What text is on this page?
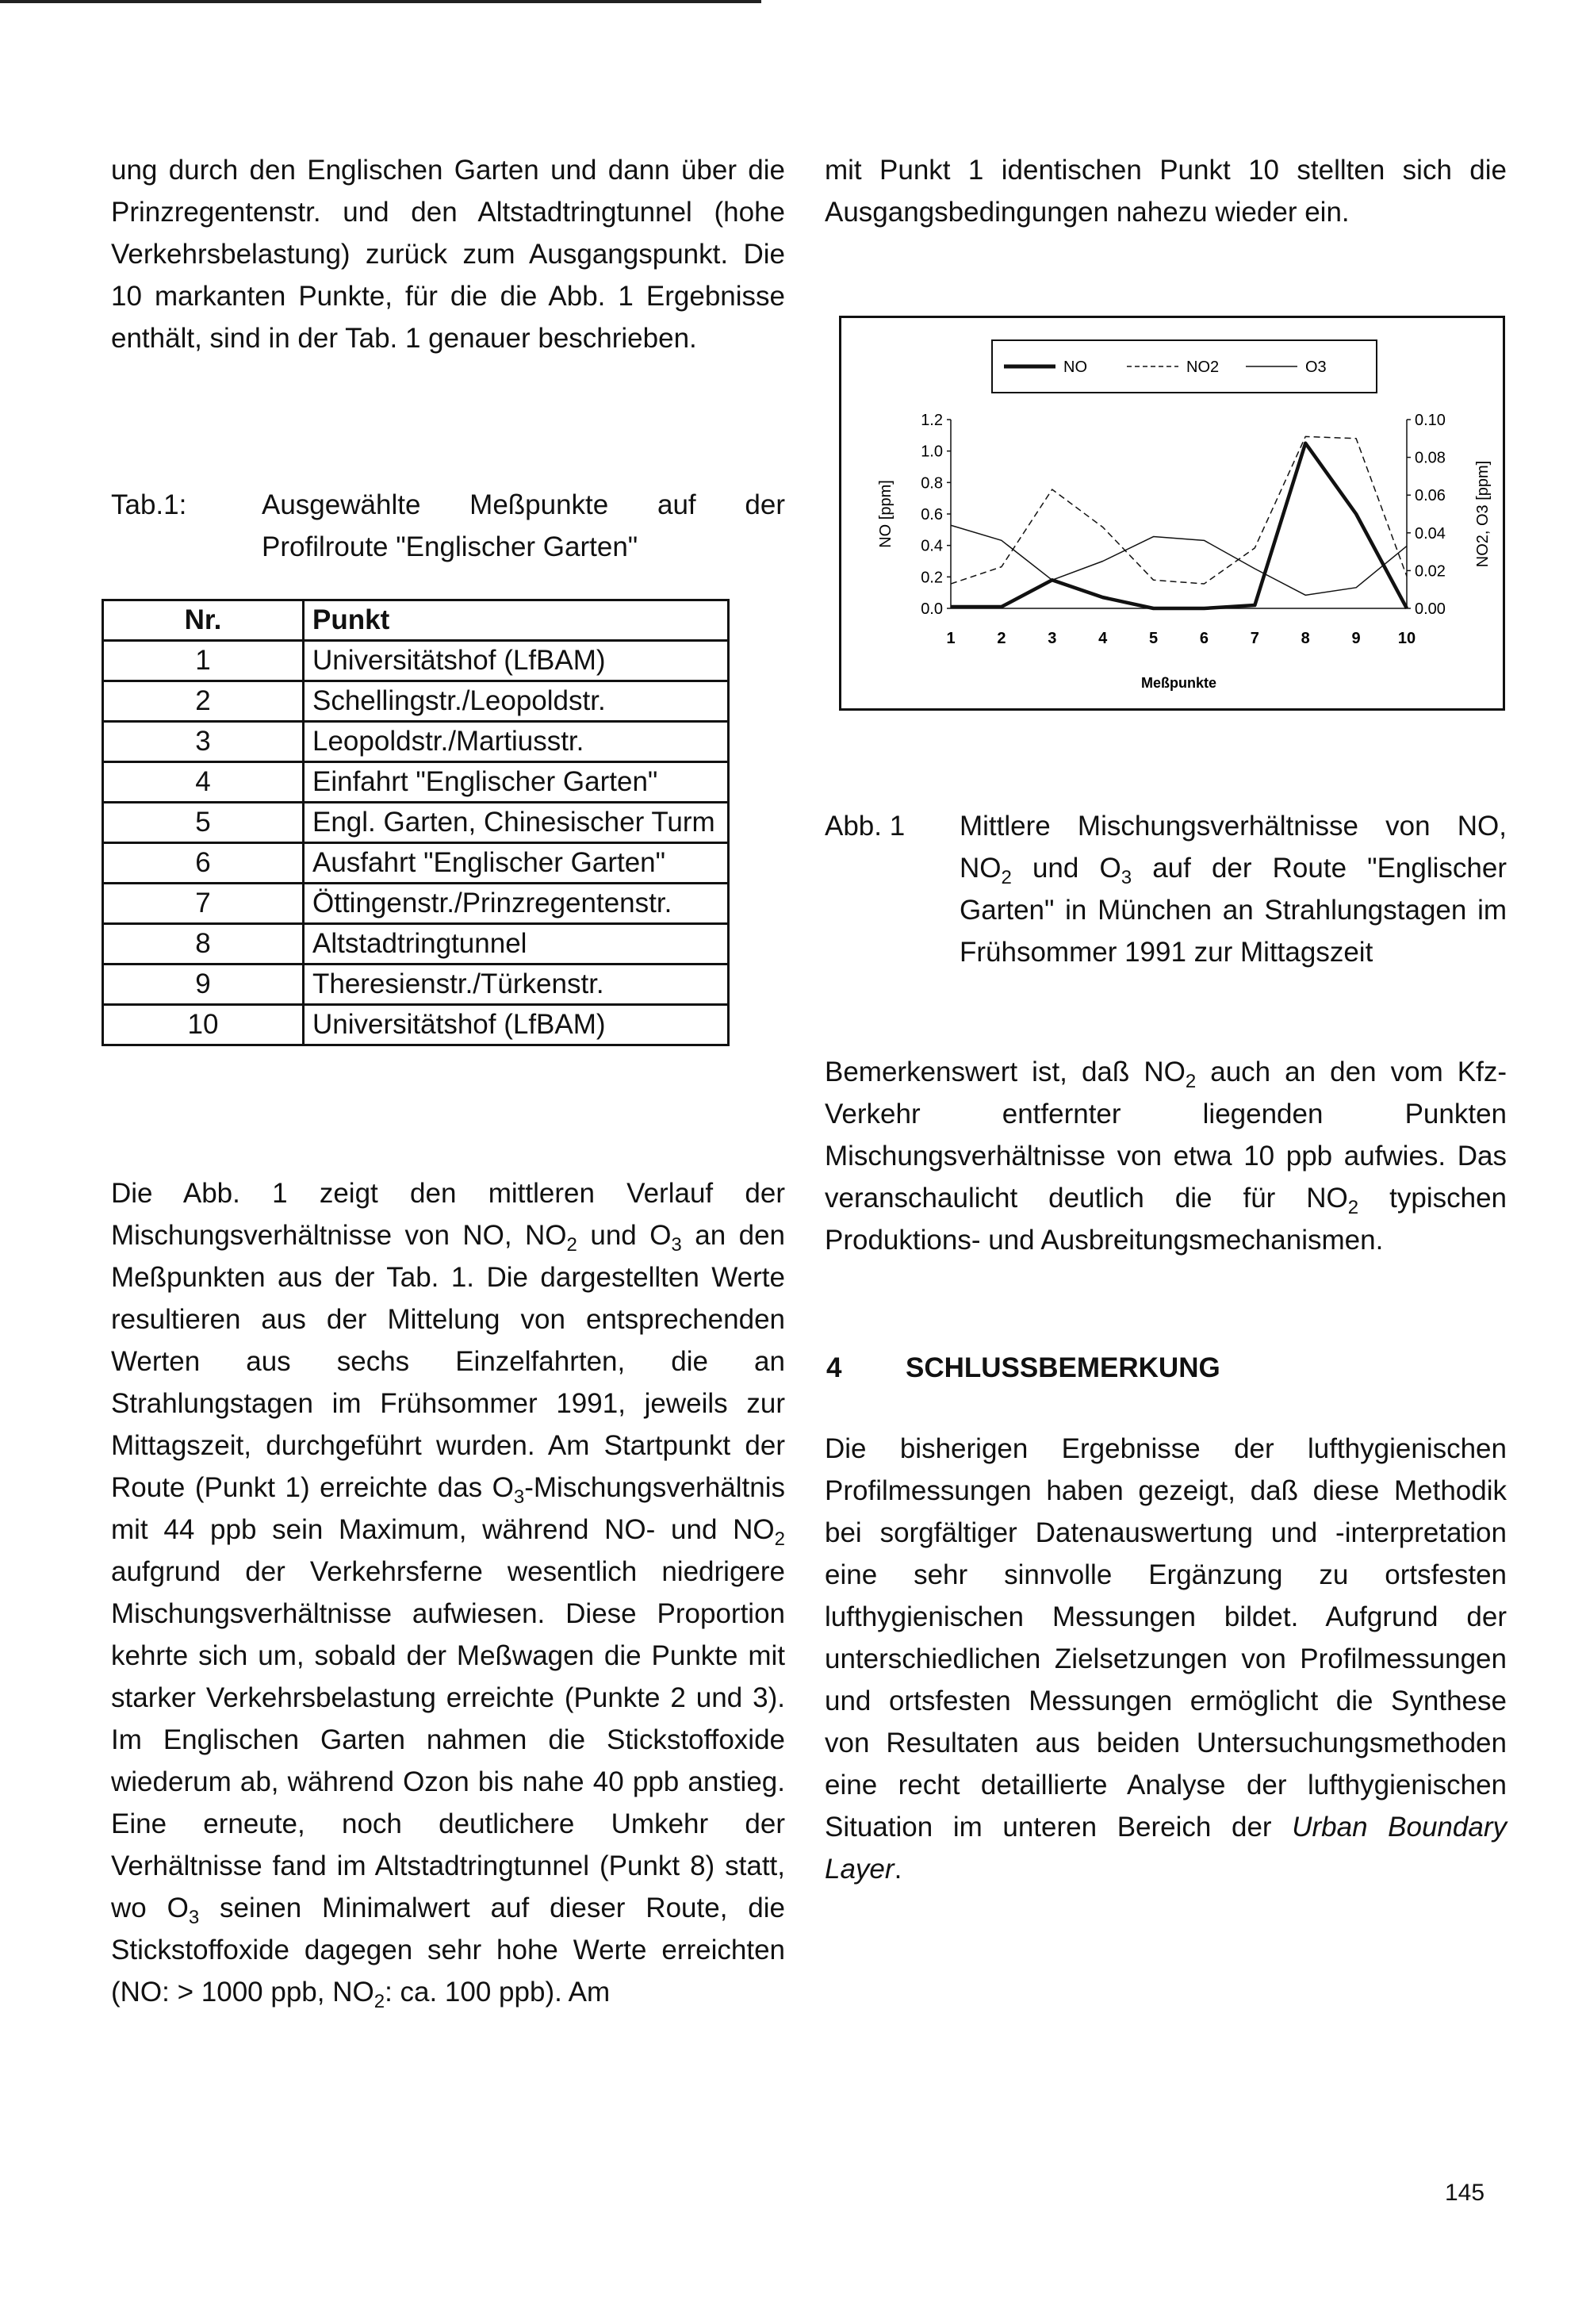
ung durch den Englischen Garten und dann über die Prinzregentenstr. und den Altstadtringtunnel (hohe Verkehrsbelastung) zurück zum Ausgangspunkt. Die 10 markanten Punkte, für die die Abb. 1 Ergebnisse enthält, sind in der Tab. 1 genauer beschrieben.

Tab.1:	Ausgewählte Meßpunkte auf der Profilroute "Englischer Garten"
Nr.	Punkt
1	Universitätshof (LfBAM)
2	Schellingstr./Leopoldstr.
3	Leopoldstr./Martiusstr.
4	Einfahrt "Englischer Garten"
5	Engl. Garten, Chinesischer Turm
6	Ausfahrt "Englischer Garten"
7	Öttingenstr./Prinzregentenstr.
8	Altstadtringtunnel
9	Theresienstr./Türkenstr.
10	Universitätshof (LfBAM)

Die Abb. 1 zeigt den mittleren Verlauf der Mischungsverhältnisse von NO, $NO_2$ und $O_3$ an den Meßpunkten aus der Tab. 1. Die dargestellten Werte resultieren aus der Mittelung von entsprechenden Werten aus sechs Einzelfahrten, die an Strahlungstagen im Frühsommer 1991, jeweils zur Mittagszeit, durchgeführt wurden. Am Startpunkt der Route (Punkt 1) erreichte das $O_3$-Mischungsverhältnis mit 44 ppb sein Maximum, während NO- und $NO_2$ aufgrund der Verkehrsferne wesentlich niedrigere Mischungsverhältnisse aufwiesen. Diese Proportion kehrte sich um, sobald der Meßwagen die Punkte mit starker Verkehrsbelastung erreichte (Punkte 2 und 3). Im Englischen Garten nahmen die Stickstoffoxide wiederum ab, während Ozon bis nahe 40 ppb anstieg. Eine erneute, noch deutlichere Umkehr der Verhältnisse fand im Altstadtringtunnel (Punkt 8) statt, wo $O_3$ seinen Minimalwert auf dieser Route, die Stickstoffoxide dagegen sehr hohe Werte erreichten (NO: > 1000 ppb, $NO_2$: ca. 100 ppb). Am

mit Punkt 1 identischen Punkt 10 stellten sich die Ausgangsbedingungen nahezu wieder ein.

NO	NO2	O3
0.0
0.2
0.4
0.6
0.8
1.0
1.2
0.00
0.02
0.04
0.06
0.08
0.10
1	2	3	4	5	6	7	8	9 10
Meßpunkte
NO [ppm]	NO2, O3 [ppm]
Abb. 1	Mittlere Mischungsverhältnisse von NO, $NO_2$ und $O_3$ auf der Route "Englischer Garten" in München an Strahlungstagen im Frühsommer 1991 zur Mittagszeit

Bemerkenswert ist, daß $NO_2$ auch an den vom Kfz-Verkehr entfernter liegenden Punkten Mischungsverhältnisse von etwa 10 ppb aufwies. Das veranschaulicht deutlich die für $NO_2$ typischen Produktions- und Ausbreitungsmechanismen.

4 SCHLUSSBEMERKUNG

Die bisherigen Ergebnisse der lufthygienischen Profilmessungen haben gezeigt, daß diese Methodik bei sorgfältiger Datenauswertung und -interpretation eine sehr sinnvolle Ergänzung zu ortsfesten lufthygienischen Messungen bildet. Aufgrund der unterschiedlichen Zielsetzungen von Profilmessungen und ortsfesten Messungen ermöglicht die Synthese von Resultaten aus beiden Untersuchungsmethoden eine recht detaillierte Analyse der lufthygienischen Situation im unteren Bereich der Urban Boundary Layer.

145
